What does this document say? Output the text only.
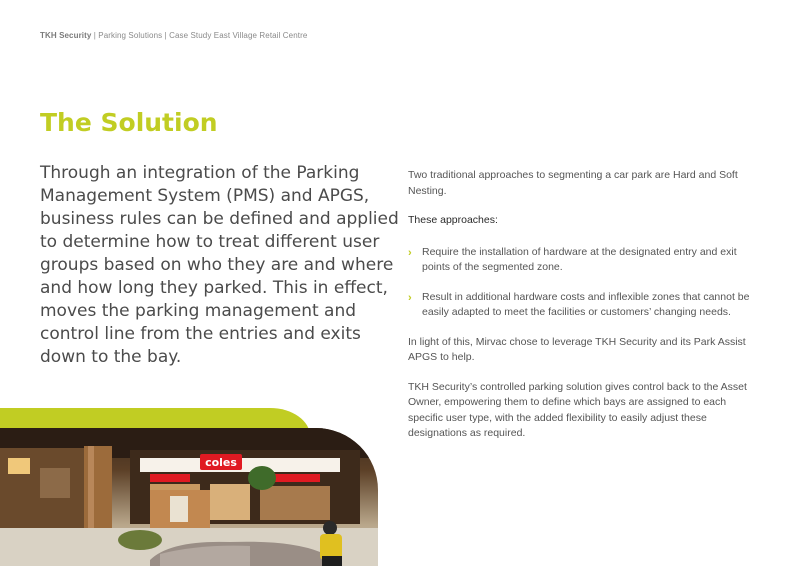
TKH Security | Parking Solutions | Case Study East Village Retail Centre
The Solution

Through an integration of the Parking Management System (PMS) and APGS, business rules can be defined and applied to determine how to treat different user groups based on who they are and where and how long they parked. This in effect, moves the parking management and control line from the entries and exits down to the bay.

Two traditional approaches to segmenting a car park are Hard and Soft Nesting.

These approaches:

› Require the installation of hardware at the designated entry and exit points of the segmented zone.
› Result in additional hardware costs and inflexible zones that cannot be easily adapted to meet the facilities or customers’ changing needs.

In light of this, Mirvac chose to leverage TKH Security and its Park Assist APGS to help.

TKH Security’s controlled parking solution gives control back to the Asset Owner, empowering them to define which bays are assigned to each specific user type, with the added flexibility to easily adjust these designations as required.

coles
